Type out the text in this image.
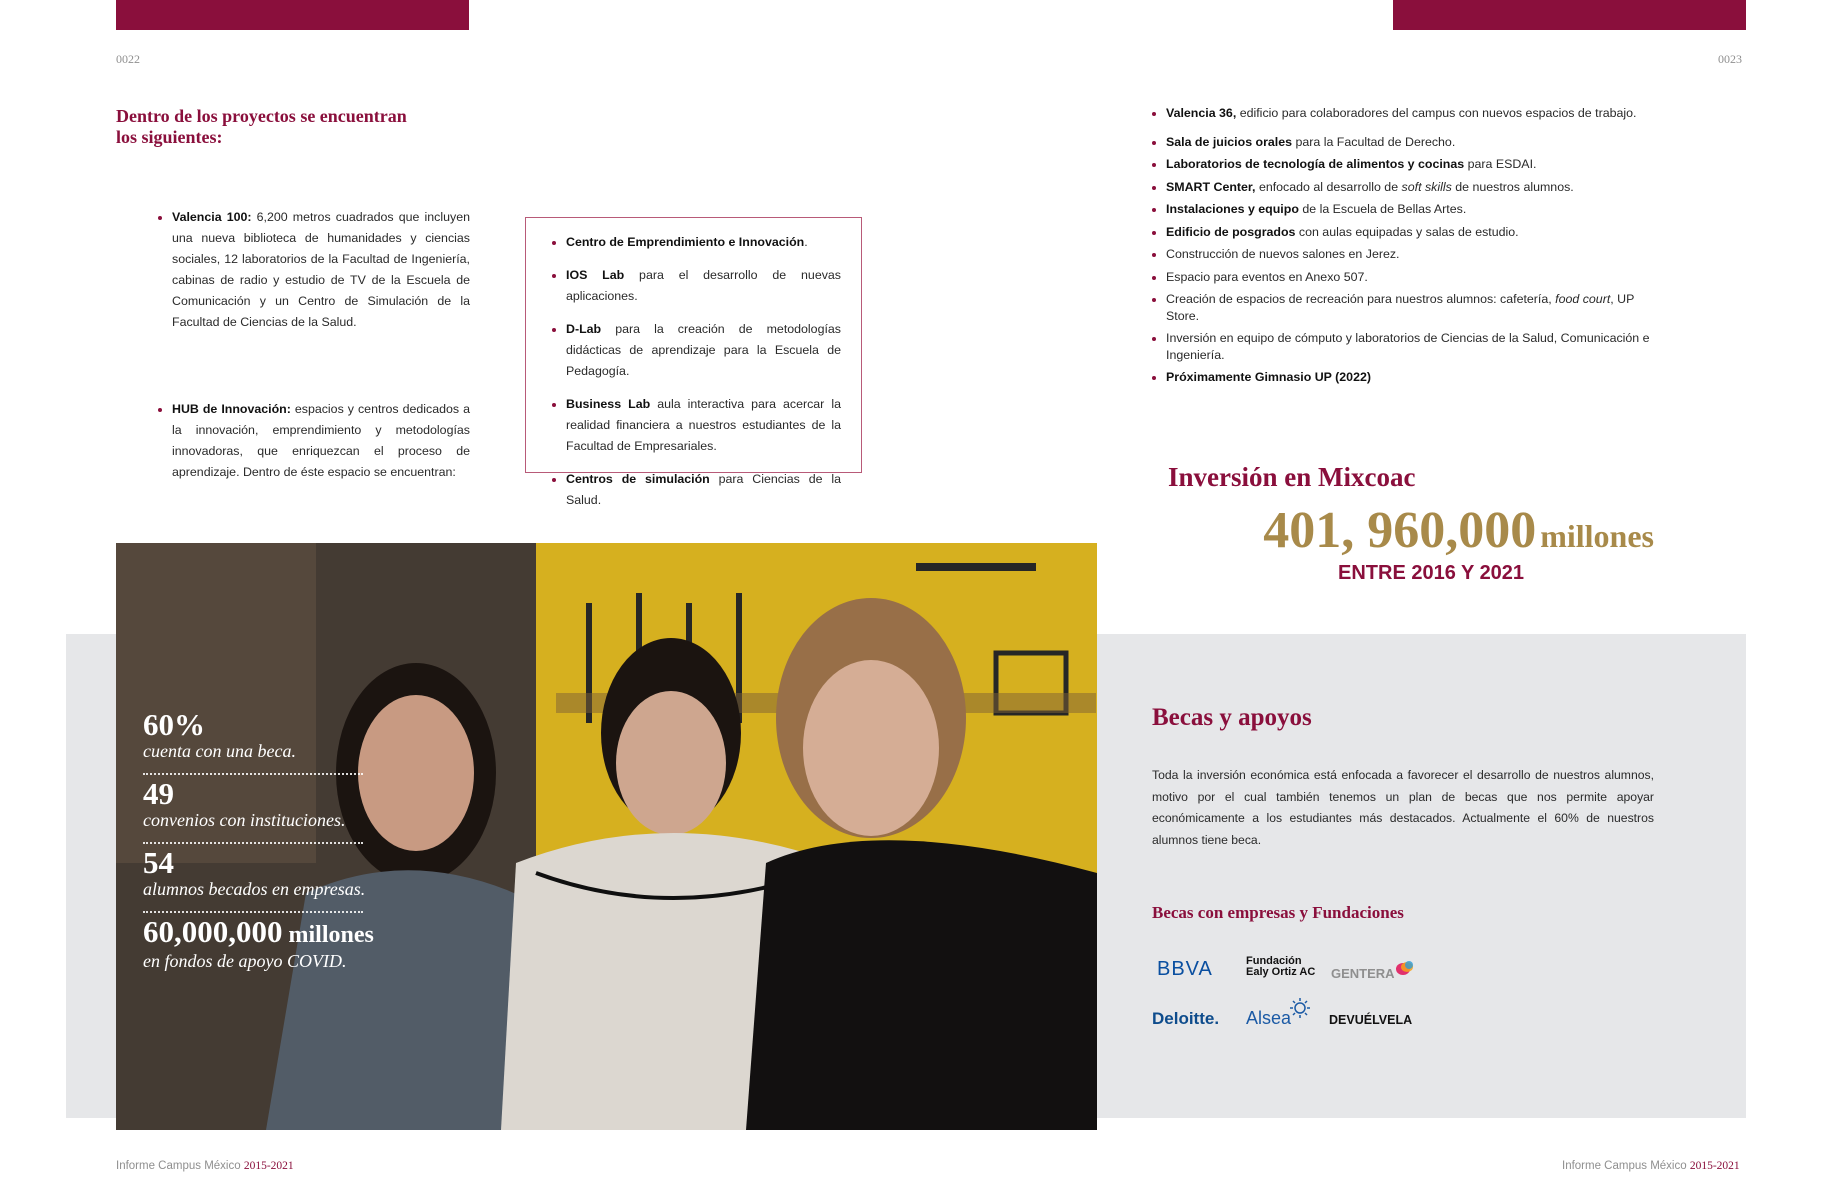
0022	0023
Dentro de los proyectos se encuentran
los siguientes:
Valencia 100: 6,200 metros cuadrados que incluyen una nueva biblioteca de humanidades y ciencias sociales, 12 laboratorios de la Facultad de Ingeniería, cabinas de radio y estudio de TV de la Escuela de Comunicación y un Centro de Simulación de la Facultad de Ciencias de la Salud.
HUB de Innovación: espacios y centros dedicados a la innovación, emprendimiento y metodologías innovadoras, que enriquezcan el proceso de aprendizaje. Dentro de éste espacio se encuentran:
Centro de Emprendimiento e Innovación.
IOS Lab para el desarrollo de nuevas aplicaciones.
D-Lab para la creación de metodologías didácticas de aprendizaje para la Escuela de Pedagogía.
Business Lab aula interactiva para acercar la realidad financiera a nuestros estudiantes de la Facultad de Empresariales.
Centros de simulación para Ciencias de la Salud.
Valencia 36, edificio para colaboradores del campus con nuevos espacios de trabajo.
Sala de juicios orales para la Facultad de Derecho.
Laboratorios de tecnología de alimentos y cocinas para ESDAI.
SMART Center, enfocado al desarrollo de soft skills de nuestros alumnos.
Instalaciones y equipo de la Escuela de Bellas Artes.
Edificio de posgrados con aulas equipadas y salas de estudio.
Construcción de nuevos salones en Jerez.
Espacio para eventos en Anexo 507.
Creación de espacios de recreación para nuestros alumnos: cafetería, food court, UP Store.
Inversión en equipo de cómputo y laboratorios de Ciencias de la Salud, Comunicación e Ingeniería.
Próximamente Gimnasio UP (2022)
Inversión en Mixcoac
401, 960,000 millones
ENTRE 2016 Y 2021
60%
cuenta con una beca.
49
convenios con instituciones.
54
alumnos becados en empresas.
60,000,000 millones
en fondos de apoyo COVID.
Becas y apoyos
Toda la inversión económica está enfocada a favorecer el desarrollo de nuestros alumnos, motivo por el cual también tenemos un plan de becas que nos permite apoyar económicamente a los estudiantes más destacados. Actualmente el 60% de nuestros alumnos tiene beca.
Becas con empresas y Fundaciones
BBVA	Fundación
Ealy Ortiz AC GENTERA
Deloitte. Alsea	DEVUÉLVELA
Informe Campus México 2015-2021	Informe Campus México 2015-2021
